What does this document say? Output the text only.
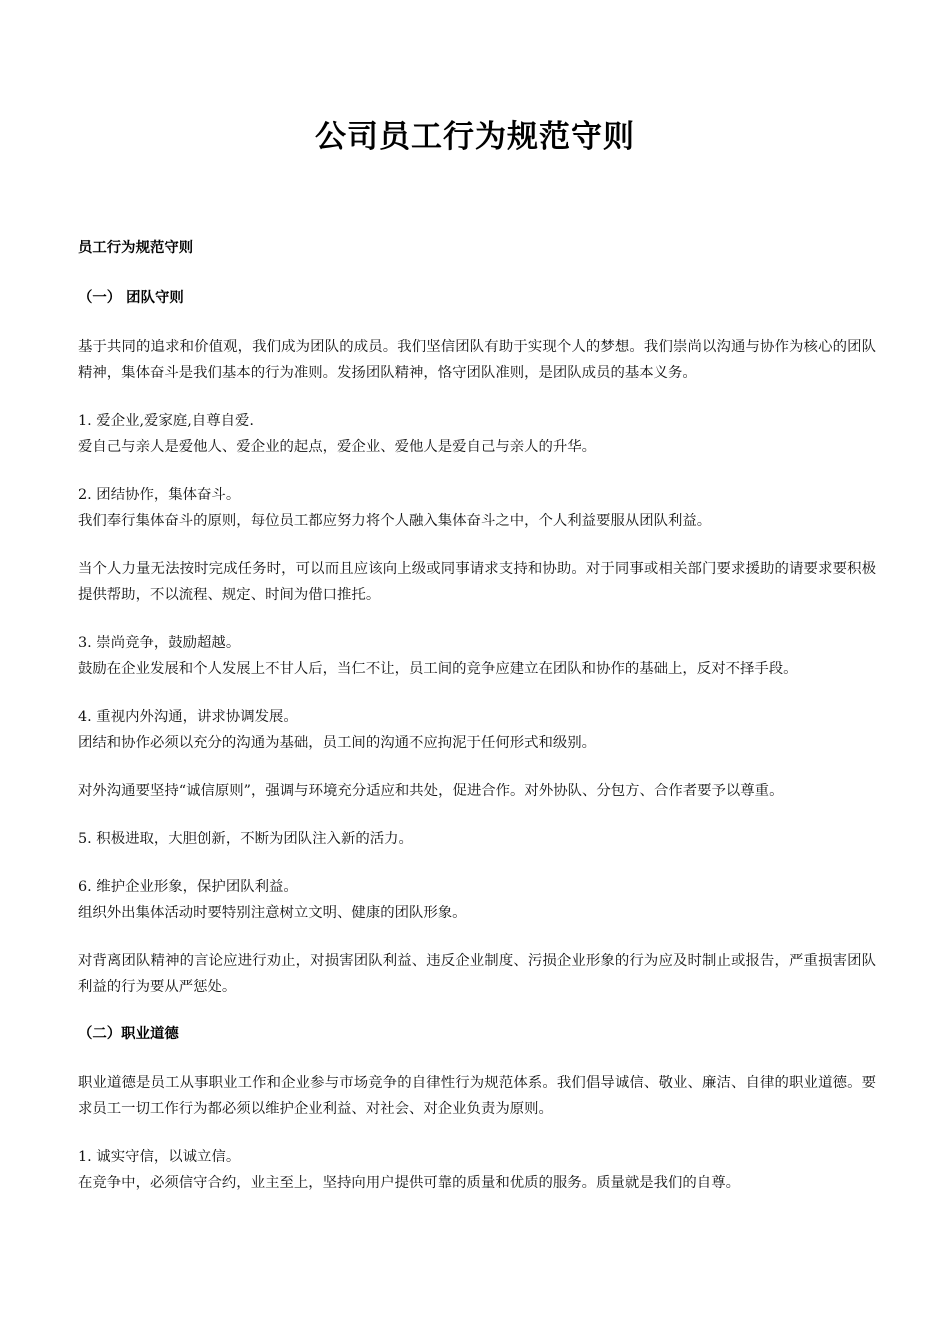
公司员工行为规范守则

员工行为规范守则

（一） 团队守则

基于共同的追求和价值观，我们成为团队的成员。我们坚信团队有助于实现个人的梦想。我们崇尚以沟通与协作为核心的团队精神，集体奋斗是我们基本的行为准则。发扬团队精神，恪守团队准则，是团队成员的基本义务。

1. 爱企业,爱家庭,自尊自爱.

爱自己与亲人是爱他人、爱企业的起点，爱企业、爱他人是爱自己与亲人的升华。

2. 团结协作，集体奋斗。

我们奉行集体奋斗的原则，每位员工都应努力将个人融入集体奋斗之中，个人利益要服从团队利益。

当个人力量无法按时完成任务时，可以而且应该向上级或同事请求支持和协助。对于同事或相关部门要求援助的请要求要积极提供帮助，不以流程、规定、时间为借口推托。

3. 崇尚竞争，鼓励超越。

鼓励在企业发展和个人发展上不甘人后，当仁不让，员工间的竞争应建立在团队和协作的基础上，反对不择手段。

4. 重视内外沟通，讲求协调发展。

团结和协作必须以充分的沟通为基础，员工间的沟通不应拘泥于任何形式和级别。

对外沟通要坚持“诚信原则”，强调与环境充分适应和共处，促进合作。对外协队、分包方、合作者要予以尊重。

5. 积极进取，大胆创新，不断为团队注入新的活力。

6. 维护企业形象，保护团队利益。

组织外出集体活动时要特别注意树立文明、健康的团队形象。

对背离团队精神的言论应进行劝止，对损害团队利益、违反企业制度、污损企业形象的行为应及时制止或报告，严重损害团队利益的行为要从严惩处。

（二）职业道德

职业道德是员工从事职业工作和企业参与市场竞争的自律性行为规范体系。我们倡导诚信、敬业、廉洁、自律的职业道德。要求员工一切工作行为都必须以维护企业利益、对社会、对企业负责为原则。

1. 诚实守信，以诚立信。

在竞争中，必须信守合约，业主至上，坚持向用户提供可靠的质量和优质的服务。质量就是我们的自尊。
